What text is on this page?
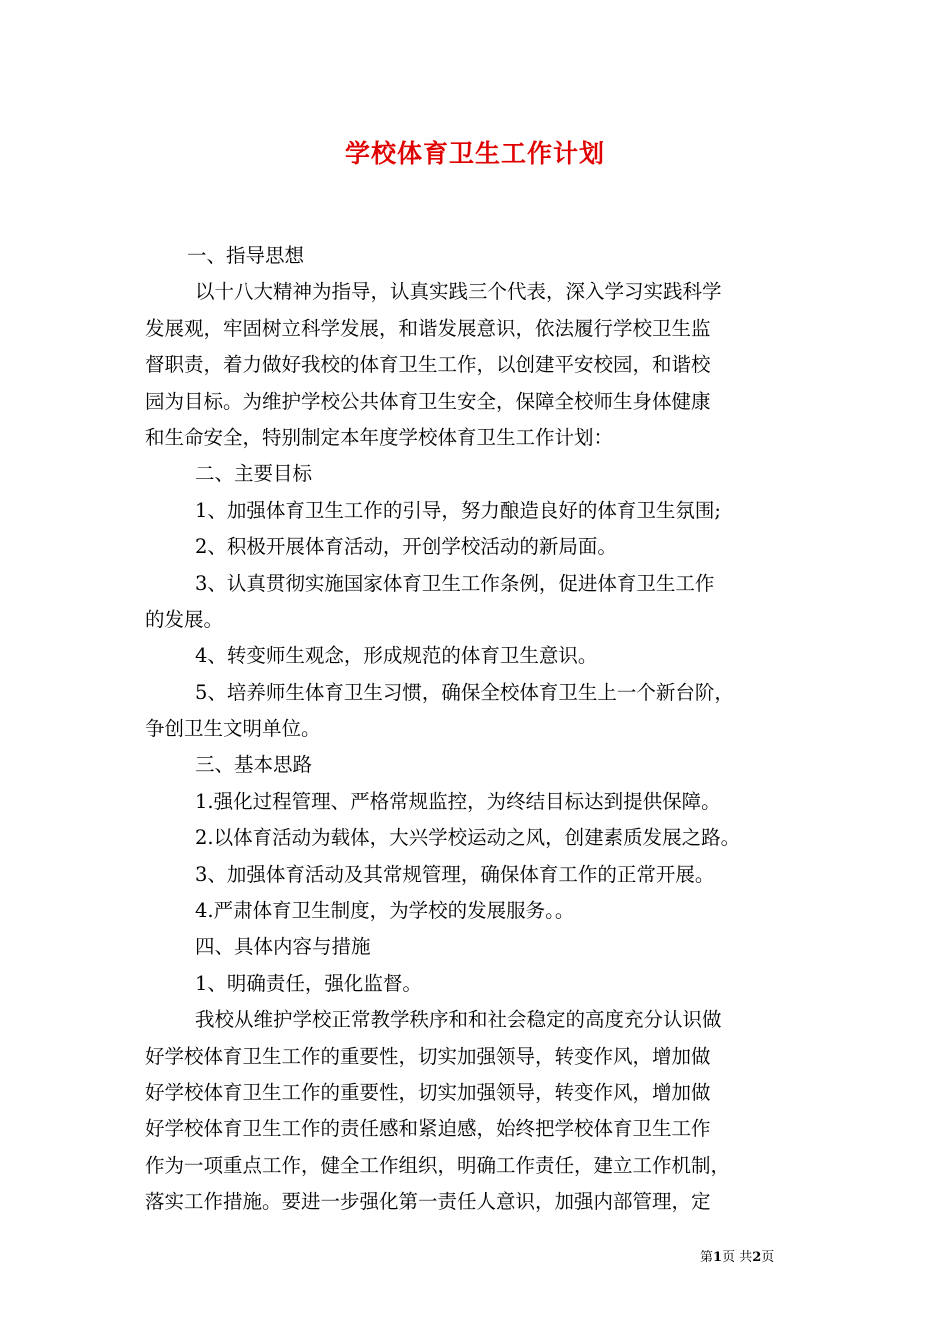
学校体育卫生工作计划
一、指导思想
以十八大精神为指导，认真实践三个代表，深入学习实践科学
发展观，牢固树立科学发展，和谐发展意识，依法履行学校卫生监
督职责，着力做好我校的体育卫生工作，以创建平安校园，和谐校
园为目标。为维护学校公共体育卫生安全，保障全校师生身体健康
和生命安全，特别制定本年度学校体育卫生工作计划：
二、主要目标
1、加强体育卫生工作的引导，努力酿造良好的体育卫生氛围;
2、积极开展体育活动，开创学校活动的新局面。
3、认真贯彻实施国家体育卫生工作条例，促进体育卫生工作
的发展。
4、转变师生观念，形成规范的体育卫生意识。
5、培养师生体育卫生习惯，确保全校体育卫生上一个新台阶，
争创卫生文明单位。
三、基本思路
1.强化过程管理、严格常规监控，为终结目标达到提供保障。
2.以体育活动为载体，大兴学校运动之风，创建素质发展之路。
3、加强体育活动及其常规管理，确保体育工作的正常开展。
4.严肃体育卫生制度，为学校的发展服务。。
四、具体内容与措施
1、明确责任，强化监督。
我校从维护学校正常教学秩序和和社会稳定的高度充分认识做
好学校体育卫生工作的重要性，切实加强领导，转变作风，增加做
好学校体育卫生工作的重要性，切实加强领导，转变作风，增加做
好学校体育卫生工作的责任感和紧迫感，始终把学校体育卫生工作
作为一项重点工作，健全工作组织，明确工作责任，建立工作机制，
落实工作措施。要进一步强化第一责任人意识，加强内部管理，定
第1页 共2页
